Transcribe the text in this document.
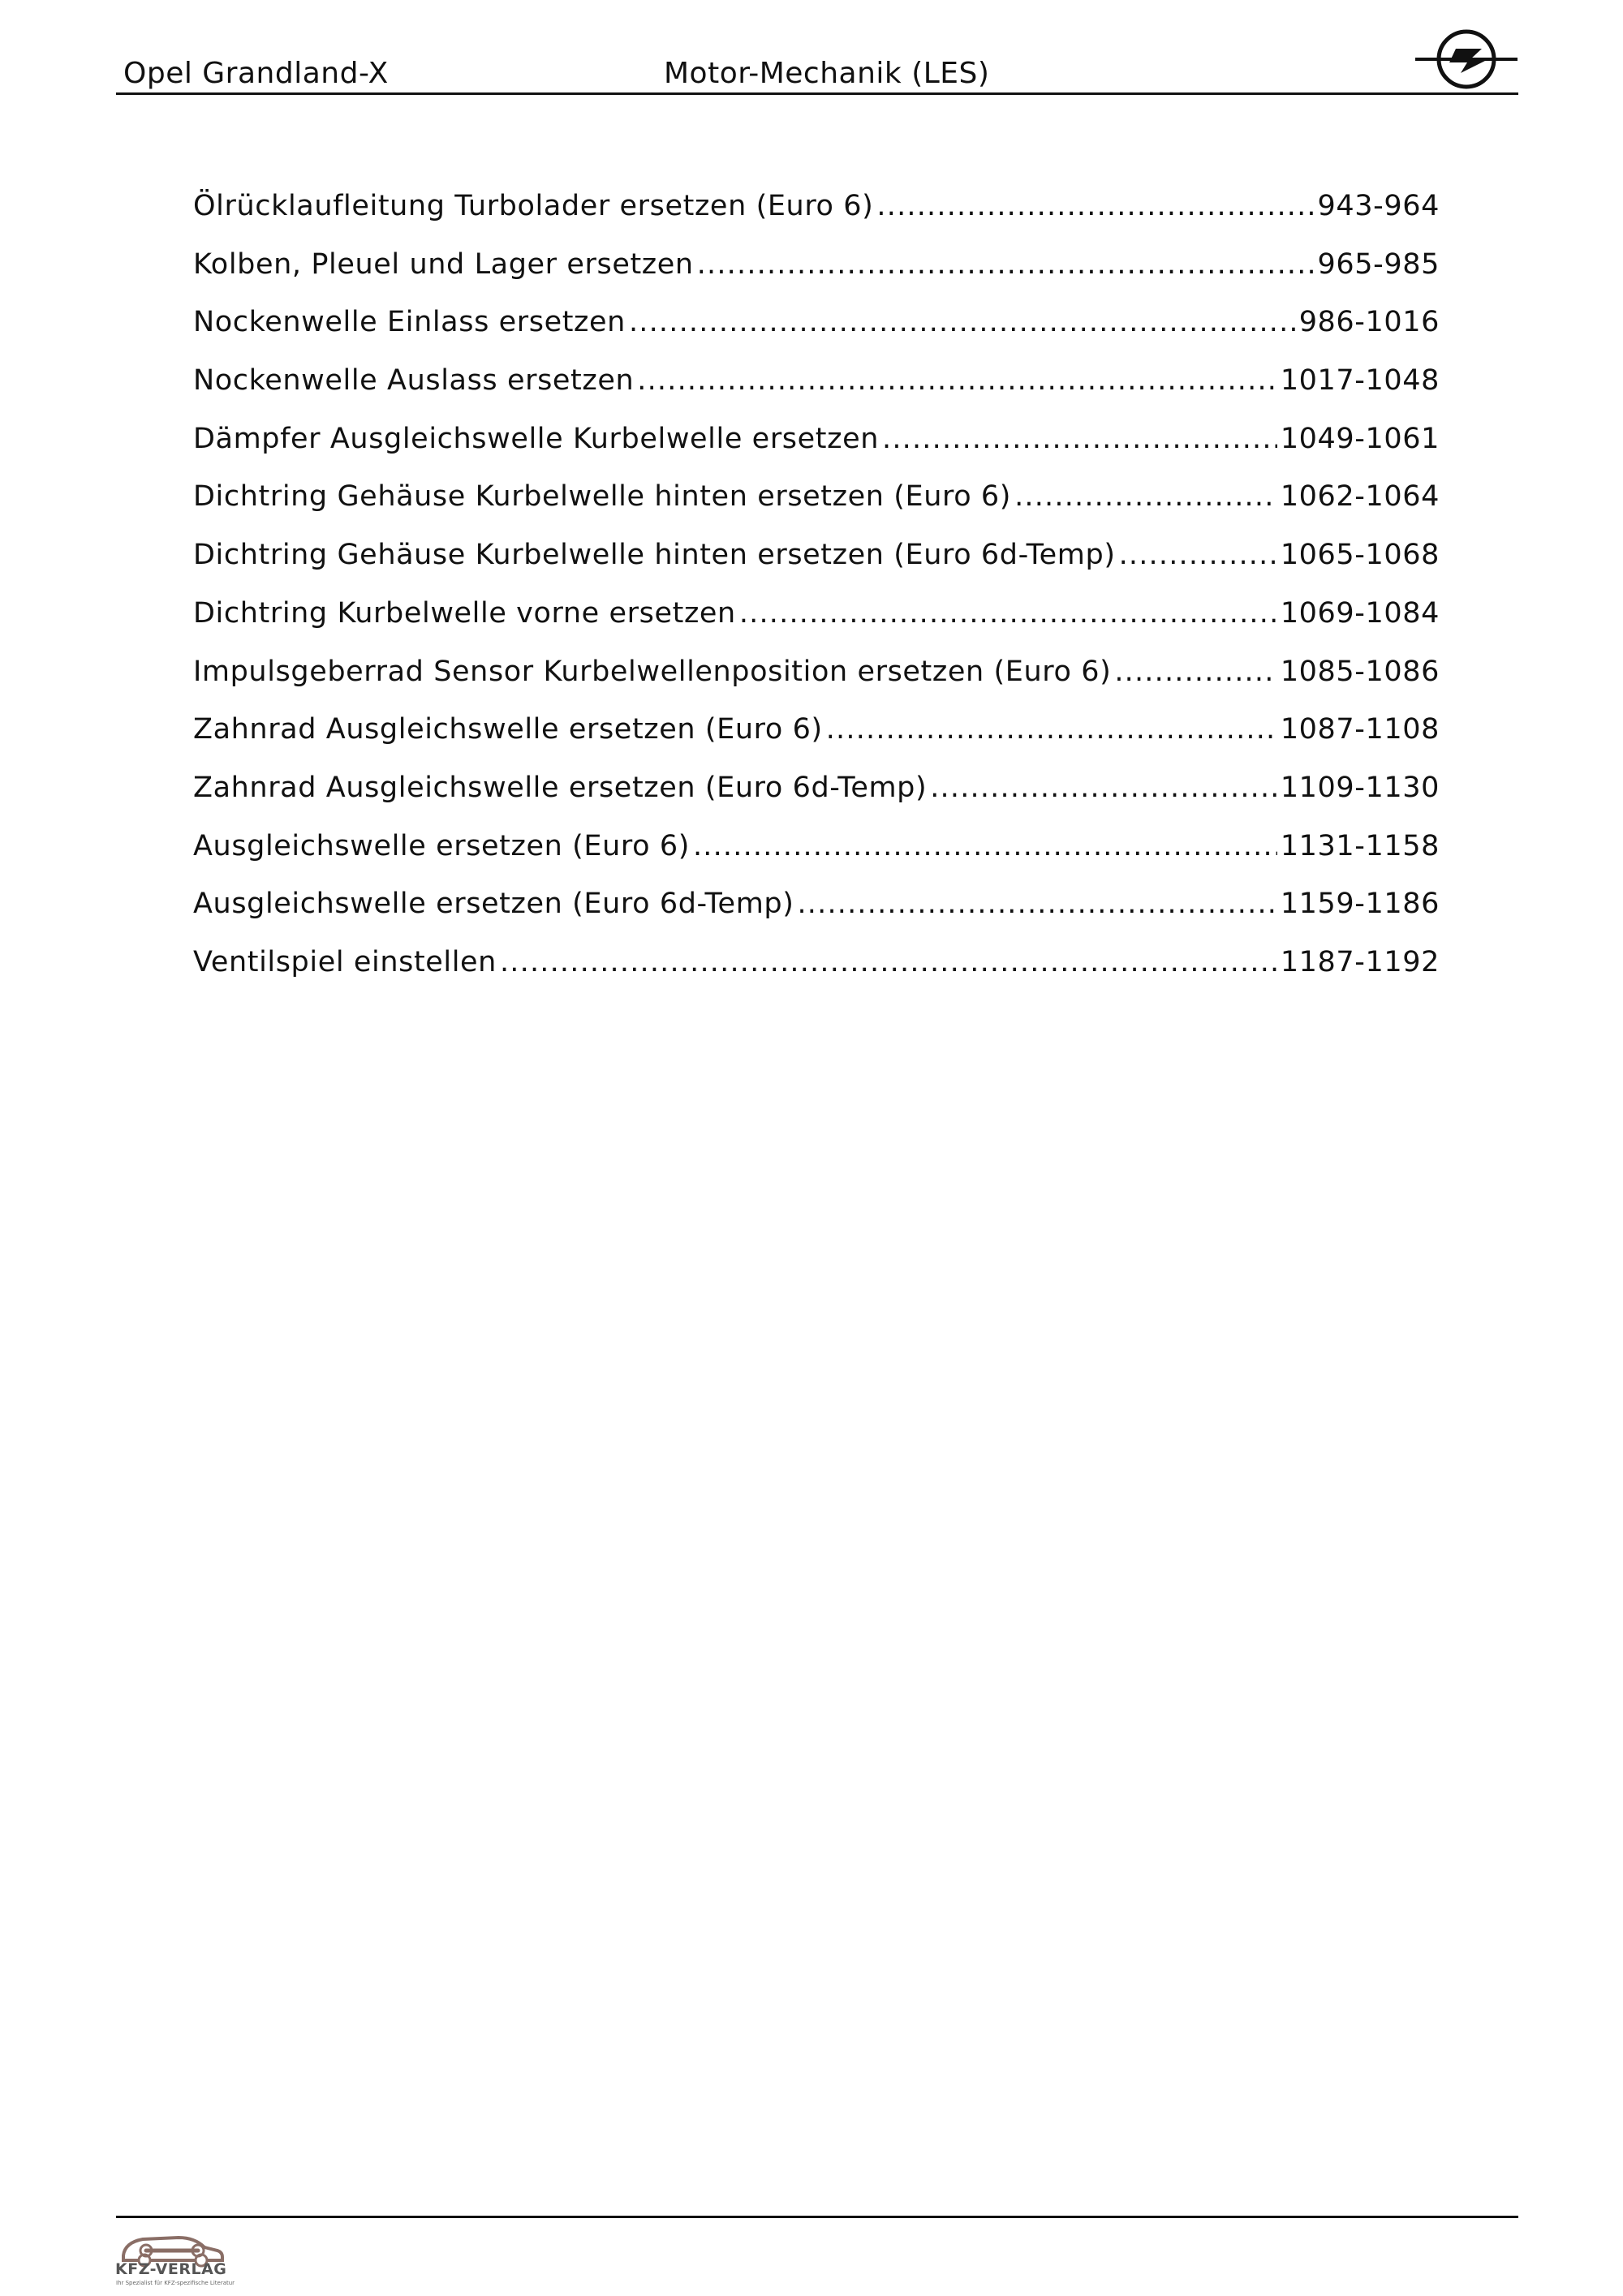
Opel Grandland-X	Motor-Mechanik (LES)
Ölrücklaufleitung Turbolader ersetzen (Euro 6) .....	943-964
Kolben, Pleuel und Lager ersetzen .....	965-985
Nockenwelle Einlass ersetzen .....	986-1016
Nockenwelle Auslass ersetzen .....	1017-1048
Dämpfer Ausgleichswelle Kurbelwelle ersetzen .....	1049-1061
Dichtring Gehäuse Kurbelwelle hinten ersetzen (Euro 6) .....	1062-1064
Dichtring Gehäuse Kurbelwelle hinten ersetzen (Euro 6d-Temp) .....	1065-1068
Dichtring Kurbelwelle vorne ersetzen .....	1069-1084
Impulsgeberrad Sensor Kurbelwellenposition ersetzen (Euro 6) .....	1085-1086
Zahnrad Ausgleichswelle ersetzen (Euro 6) .....	1087-1108
Zahnrad Ausgleichswelle ersetzen (Euro 6d-Temp) .....	1109-1130
Ausgleichswelle ersetzen (Euro 6) .....	1131-1158
Ausgleichswelle ersetzen (Euro 6d-Temp) .....	1159-1186
Ventilspiel einstellen .....	1187-1192
KFZ-VERLAG
Ihr Spezialist für KFZ-spezifische Literatur
